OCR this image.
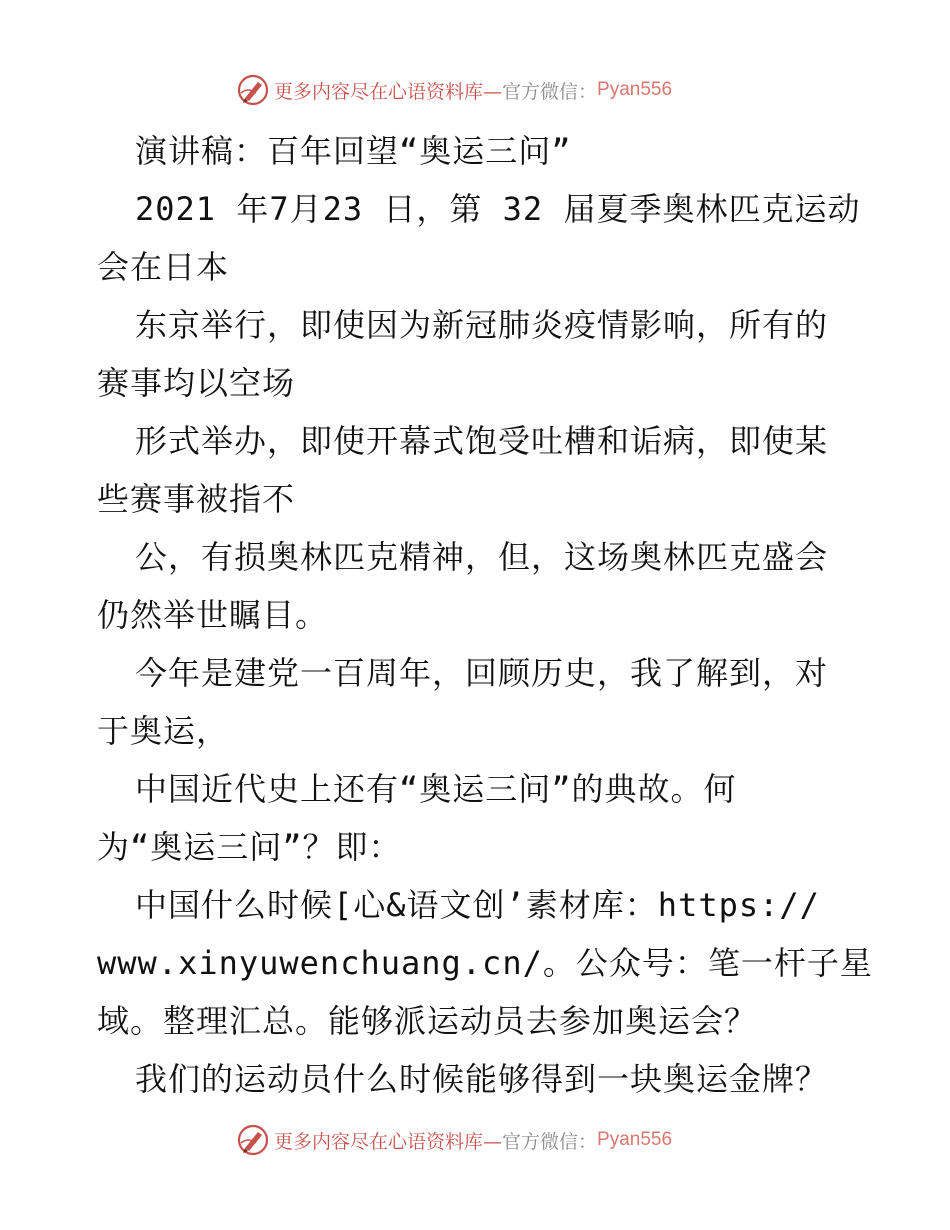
更多内容尽在心语资料库— 官方微信： Pyan556
演讲稿：百年回望“奥运三问”
2021 年7月23 日，第 32 届夏季奥林匹克运动
会在日本
东京举行，即使因为新冠肺炎疫情影响，所有的
赛事均以空场
形式举办，即使开幕式饱受吐槽和诟病，即使某
些赛事被指不
公，有损奥林匹克精神，但，这场奥林匹克盛会
仍然举世瞩目。
今年是建党一百周年，回顾历史，我了解到，对
于奥运，
中国近代史上还有“奥运三问”的典故。何
为“奥运三问”？即：
中国什么时候[心&语文创’素材库：https://
www.xinyuwenchuang.cn/。公众号：笔一杆子星
域。整理汇总。能够派运动员去参加奥运会？
我们的运动员什么时候能够得到一块奥运金牌？
更多内容尽在心语资料库— 官方微信： Pyan556
